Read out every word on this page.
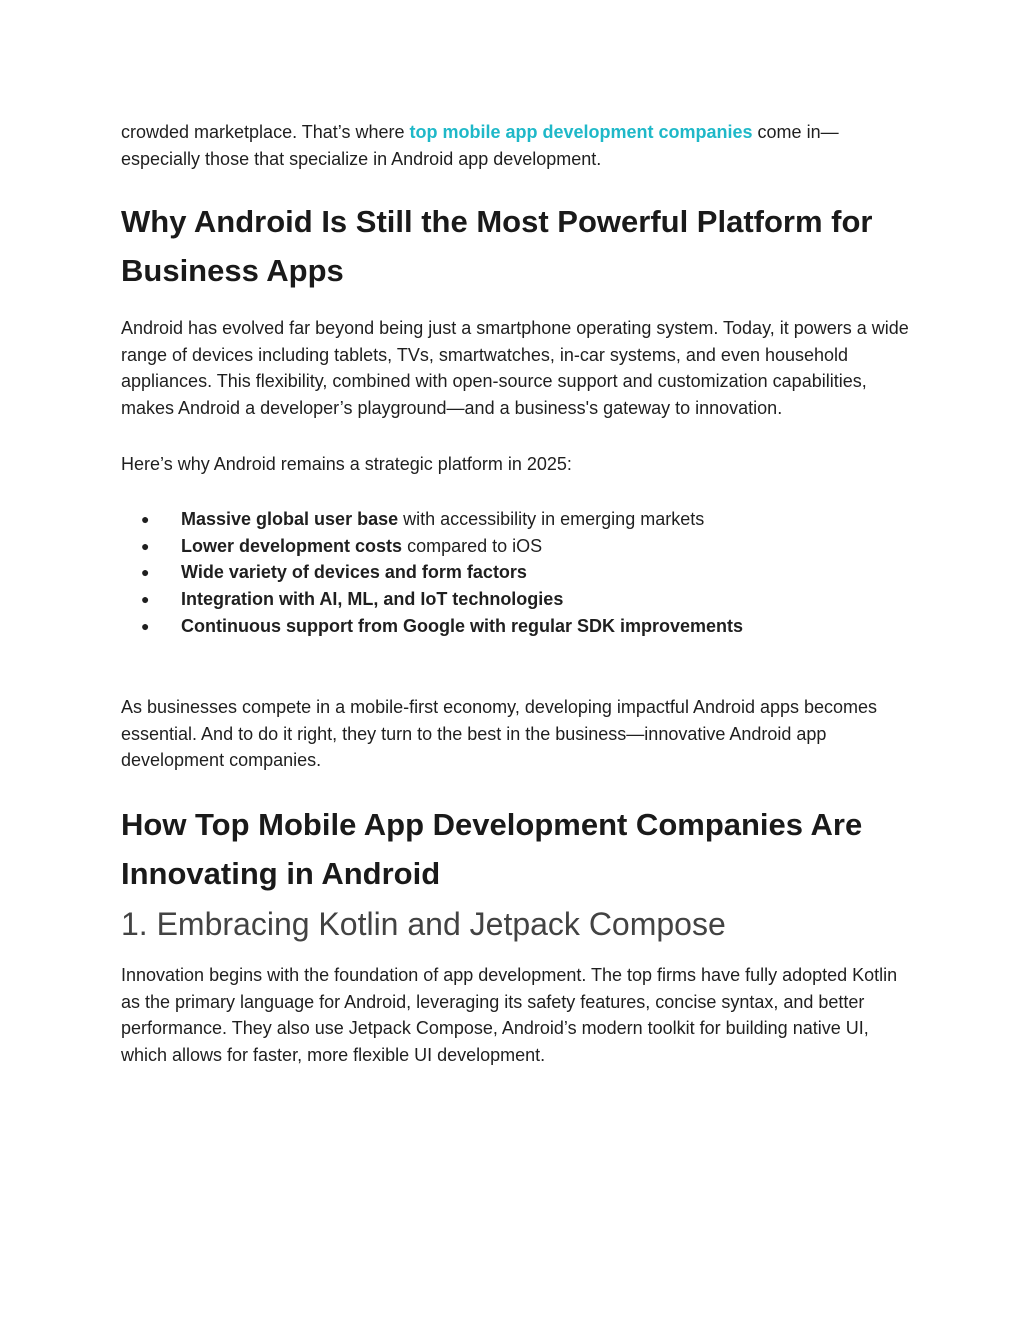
crowded marketplace. That’s where top mobile app development companies come in—especially those that specialize in Android app development.

Why Android Is Still the Most Powerful Platform for Business Apps

Android has evolved far beyond being just a smartphone operating system. Today, it powers a wide range of devices including tablets, TVs, smartwatches, in-car systems, and even household appliances. This flexibility, combined with open-source support and customization capabilities, makes Android a developer’s playground—and a business's gateway to innovation.

Here’s why Android remains a strategic platform in 2025:

● Massive global user base with accessibility in emerging markets
● Lower development costs compared to iOS
● Wide variety of devices and form factors
● Integration with AI, ML, and IoT technologies
● Continuous support from Google with regular SDK improvements

As businesses compete in a mobile-first economy, developing impactful Android apps becomes essential. And to do it right, they turn to the best in the business—innovative Android app development companies.

How Top Mobile App Development Companies Are Innovating in Android
1. Embracing Kotlin and Jetpack Compose

Innovation begins with the foundation of app development. The top firms have fully adopted Kotlin as the primary language for Android, leveraging its safety features, concise syntax, and better performance. They also use Jetpack Compose, Android’s modern toolkit for building native UI, which allows for faster, more flexible UI development.
